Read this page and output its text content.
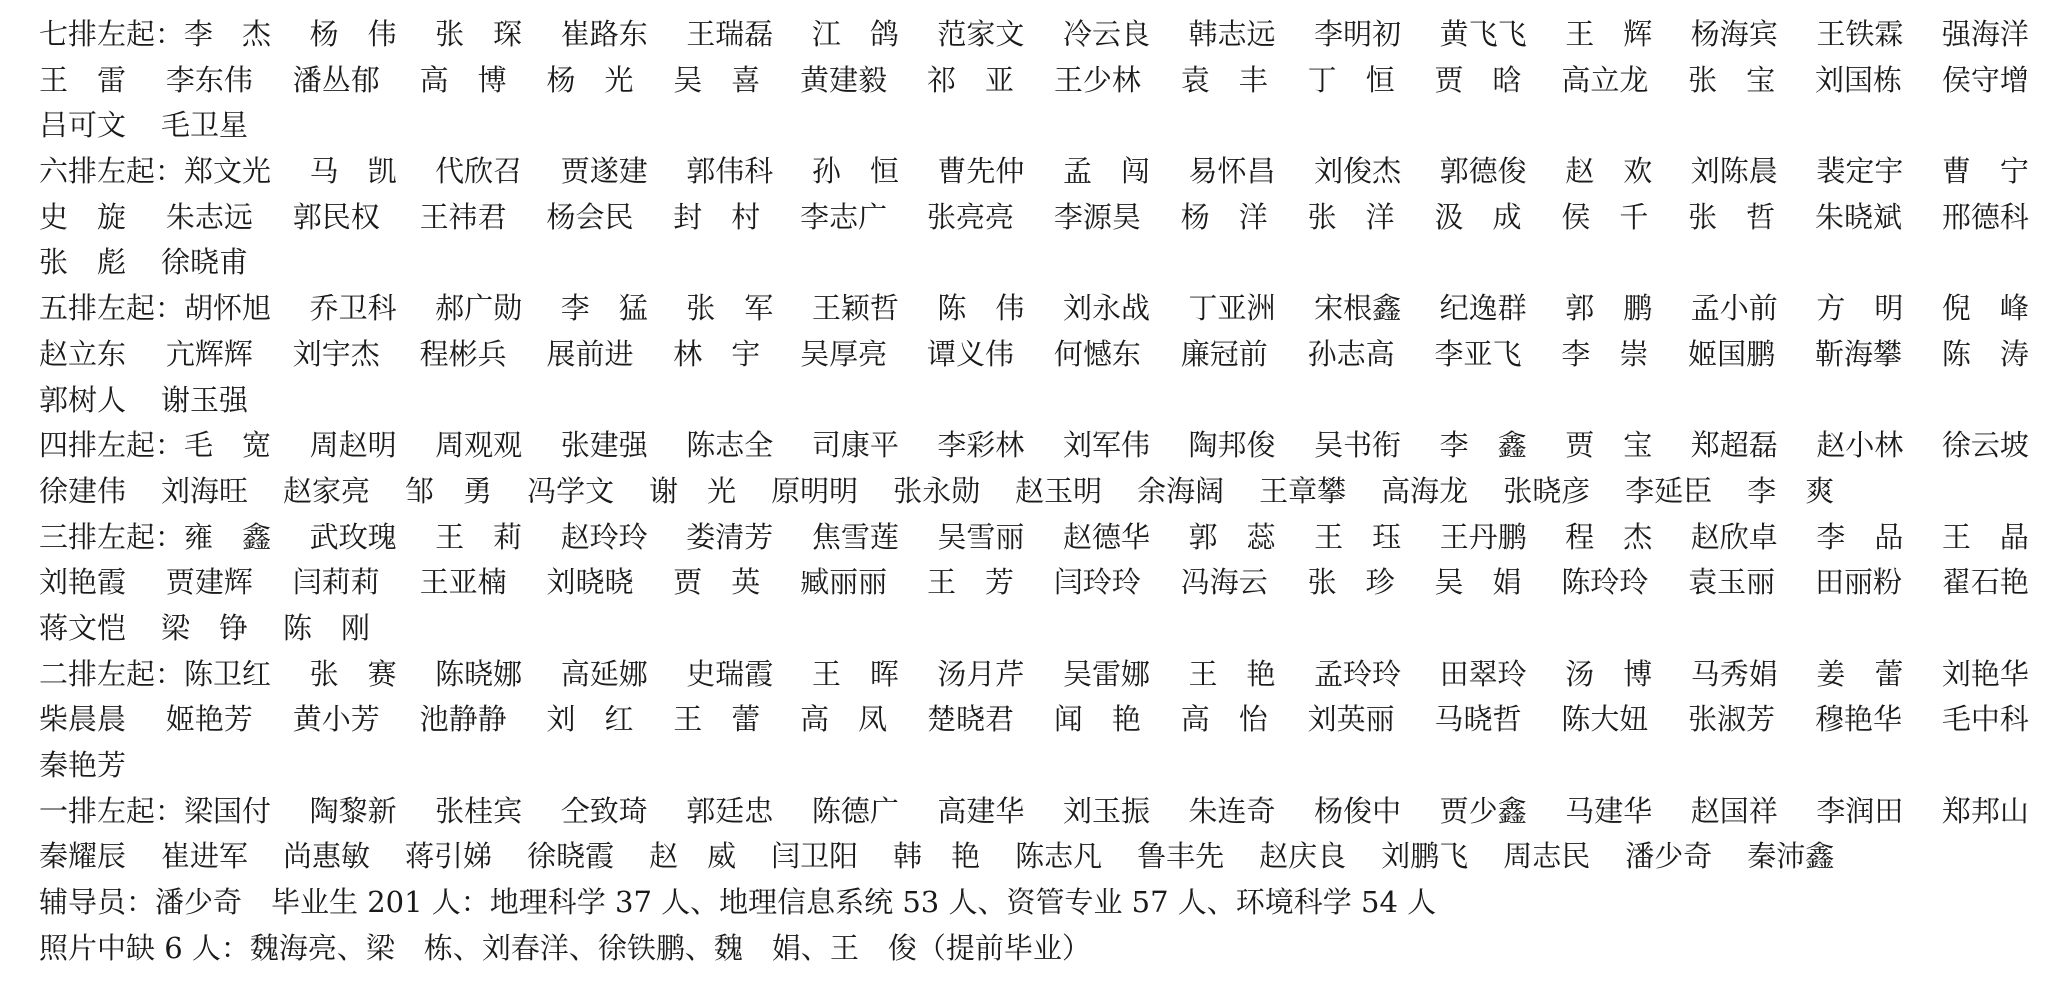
七排左起：李　杰 杨　伟 张　琛 崔路东 王瑞磊 江　鸽 范家文 冷云良 韩志远 李明初 黄飞飞 王　辉 杨海宾 王铁霖 强海洋
王　雷 李东伟 潘丛郁 高　博 杨　光 吴　喜 黄建毅 祁　亚 王少林 袁　丰 丁　恒 贾　晗 高立龙 张　宝 刘国栋 侯守增
吕可文 毛卫星
六排左起：郑文光 马　凯 代欣召 贾遂建 郭伟科 孙　恒 曹先仲 孟　闯 易怀昌 刘俊杰 郭德俊 赵　欢 刘陈晨 裴定宇 曹　宁
史　旋 朱志远 郭民权 王祎君 杨会民 封　村 李志广 张亮亮 李源昊 杨　洋 张　洋 汲　成 侯　千 张　哲 朱晓斌 邢德科
张　彪 徐晓甫
五排左起：胡怀旭 乔卫科 郝广勋 李　猛 张　军 王颖哲 陈　伟 刘永战 丁亚洲 宋根鑫 纪逸群 郭　鹏 孟小前 方　明 倪　峰
赵立东 亢辉辉 刘宇杰 程彬兵 展前进 林　宇 吴厚亮 谭义伟 何憾东 廉冠前 孙志高 李亚飞 李　崇 姬国鹏 靳海攀 陈　涛
郭树人 谢玉强
四排左起：毛　宽 周赵明 周观观 张建强 陈志全 司康平 李彩林 刘军伟 陶邦俊 吴书衔 李　鑫 贾　宝 郑超磊 赵小林 徐云坡
徐建伟 刘海旺 赵家亮 邹　勇 冯学文 谢　光 原明明 张永勋 赵玉明 余海阔 王章攀 高海龙 张晓彦 李延臣 李　爽
三排左起：雍　鑫 武玫瑰 王　莉 赵玲玲 娄清芳 焦雪莲 吴雪丽 赵德华 郭　蕊 王　珏 王丹鹏 程　杰 赵欣卓 李　品 王　晶
刘艳霞 贾建辉 闫莉莉 王亚楠 刘晓晓 贾　英 臧丽丽 王　芳 闫玲玲 冯海云 张　珍 吴　娟 陈玲玲 袁玉丽 田丽粉 翟石艳
蒋文恺 梁　铮 陈　刚
二排左起：陈卫红 张　赛 陈晓娜 高延娜 史瑞霞 王　晖 汤月芹 吴雷娜 王　艳 孟玲玲 田翠玲 汤　博 马秀娟 姜　蕾 刘艳华
柴晨晨 姬艳芳 黄小芳 池静静 刘　红 王　蕾 高　凤 楚晓君 闻　艳 高　怡 刘英丽 马晓哲 陈大妞 张淑芳 穆艳华 毛中科
秦艳芳
一排左起：梁国付 陶黎新 张桂宾 仝致琦 郭廷忠 陈德广 高建华 刘玉振 朱连奇 杨俊中 贾少鑫 马建华 赵国祥 李润田 郑邦山
秦耀辰 崔进军 尚惠敏 蒋引娣 徐晓霞 赵　威 闫卫阳 韩　艳 陈志凡 鲁丰先 赵庆良 刘鹏飞 周志民 潘少奇 秦沛鑫
辅导员：潘少奇　毕业生 201 人：地理科学 37 人、地理信息系统 53 人、资管专业 57 人、环境科学 54 人
照片中缺 6 人：魏海亮、梁　栋、刘春洋、徐铁鹏、魏　娟、王　俊（提前毕业）
